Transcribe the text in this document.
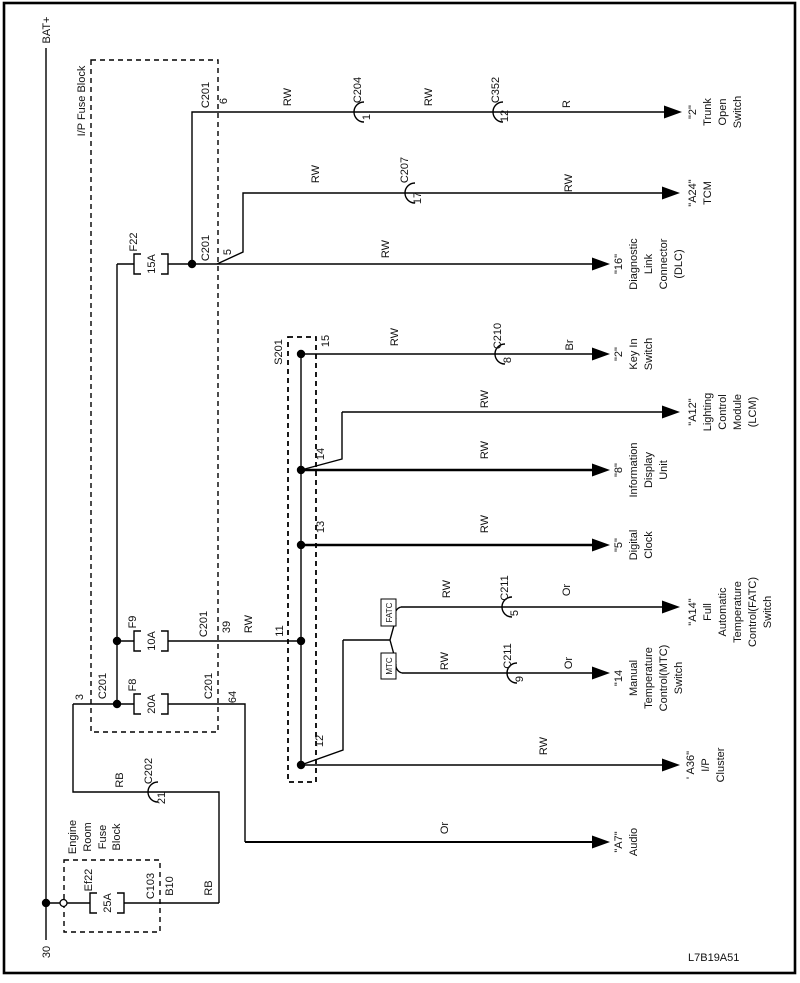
FATC
MTC
BAT+
30
I/P Fuse Block
Engine Room Fuse Block
S201
F22
15A
F9
10A
F8
20A
Ef22
25A
C201 6
C201 5
C201 39
C201
3	C201 64
C103 B10
15
14
13
11
12
C204
1
C352
12
C207
17
C210
8
C211
5
C211
9
C202
21
RW	RW	R
RW	RW
RW
RW	Br
RW
RW
RW
RW	Or
RW	Or
RW
RW
Or
RB
RB
"2" Trunk Open Switch
"A24" TCM
"16" Diagnostic Link Connector (DLC)
"2" Key In Switch
"A12" Lighting Control Module (LCM)
"8" Information Display Unit
"5" Digital Clock
"A14" Full Automatic Temperature Control(FATC) Switch
"14 Manual Temperature Control(MTC) Switch
' A36" I/P Cluster
"A7" Audio
L7B19A51
